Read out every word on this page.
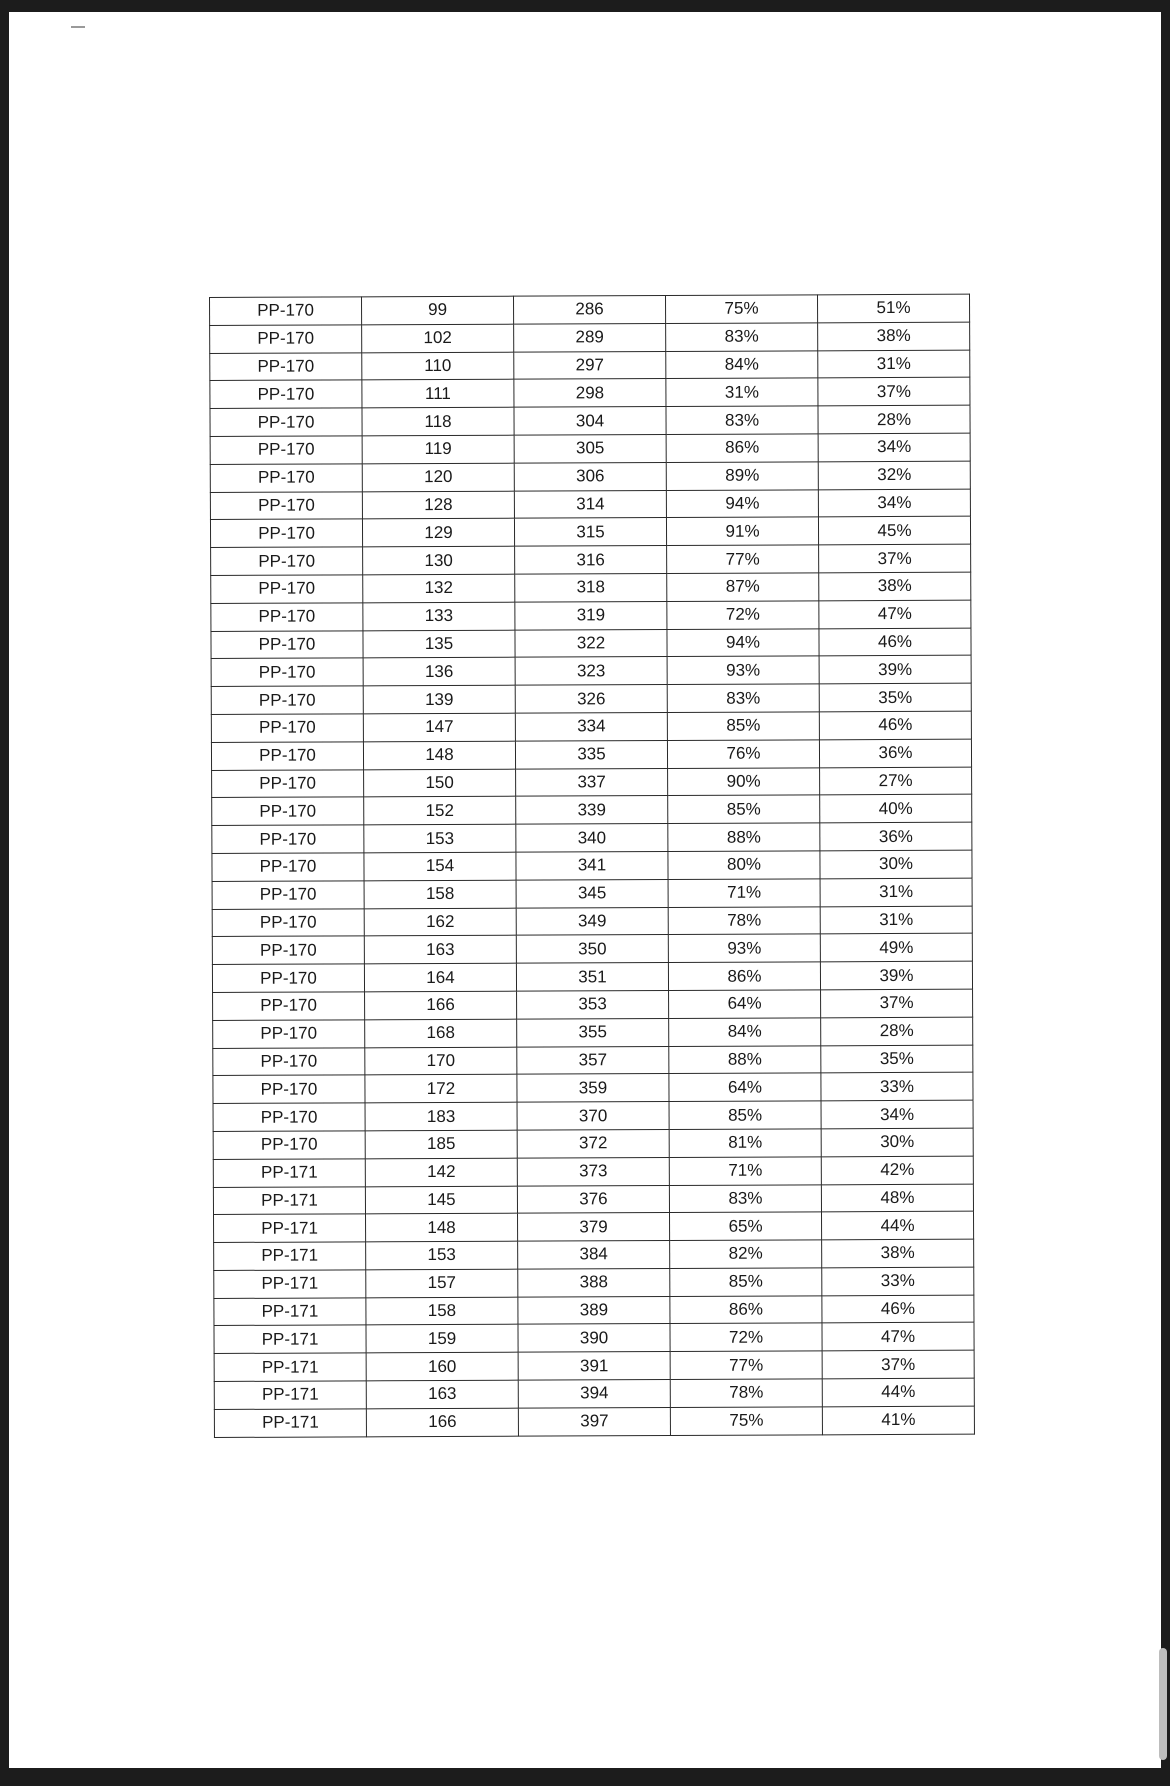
PP-170	99	286	75%	51%
PP-170	102	289	83%	38%
PP-170	110	297	84%	31%
PP-170	111	298	31%	37%
PP-170	118	304	83%	28%
PP-170	119	305	86%	34%
PP-170	120	306	89%	32%
PP-170	128	314	94%	34%
PP-170	129	315	91%	45%
PP-170	130	316	77%	37%
PP-170	132	318	87%	38%
PP-170	133	319	72%	47%
PP-170	135	322	94%	46%
PP-170	136	323	93%	39%
PP-170	139	326	83%	35%
PP-170	147	334	85%	46%
PP-170	148	335	76%	36%
PP-170	150	337	90%	27%
PP-170	152	339	85%	40%
PP-170	153	340	88%	36%
PP-170	154	341	80%	30%
PP-170	158	345	71%	31%
PP-170	162	349	78%	31%
PP-170	163	350	93%	49%
PP-170	164	351	86%	39%
PP-170	166	353	64%	37%
PP-170	168	355	84%	28%
PP-170	170	357	88%	35%
PP-170	172	359	64%	33%
PP-170	183	370	85%	34%
PP-170	185	372	81%	30%
PP-171	142	373	71%	42%
PP-171	145	376	83%	48%
PP-171	148	379	65%	44%
PP-171	153	384	82%	38%
PP-171	157	388	85%	33%
PP-171	158	389	86%	46%
PP-171	159	390	72%	47%
PP-171	160	391	77%	37%
PP-171	163	394	78%	44%
PP-171	166	397	75%	41%
